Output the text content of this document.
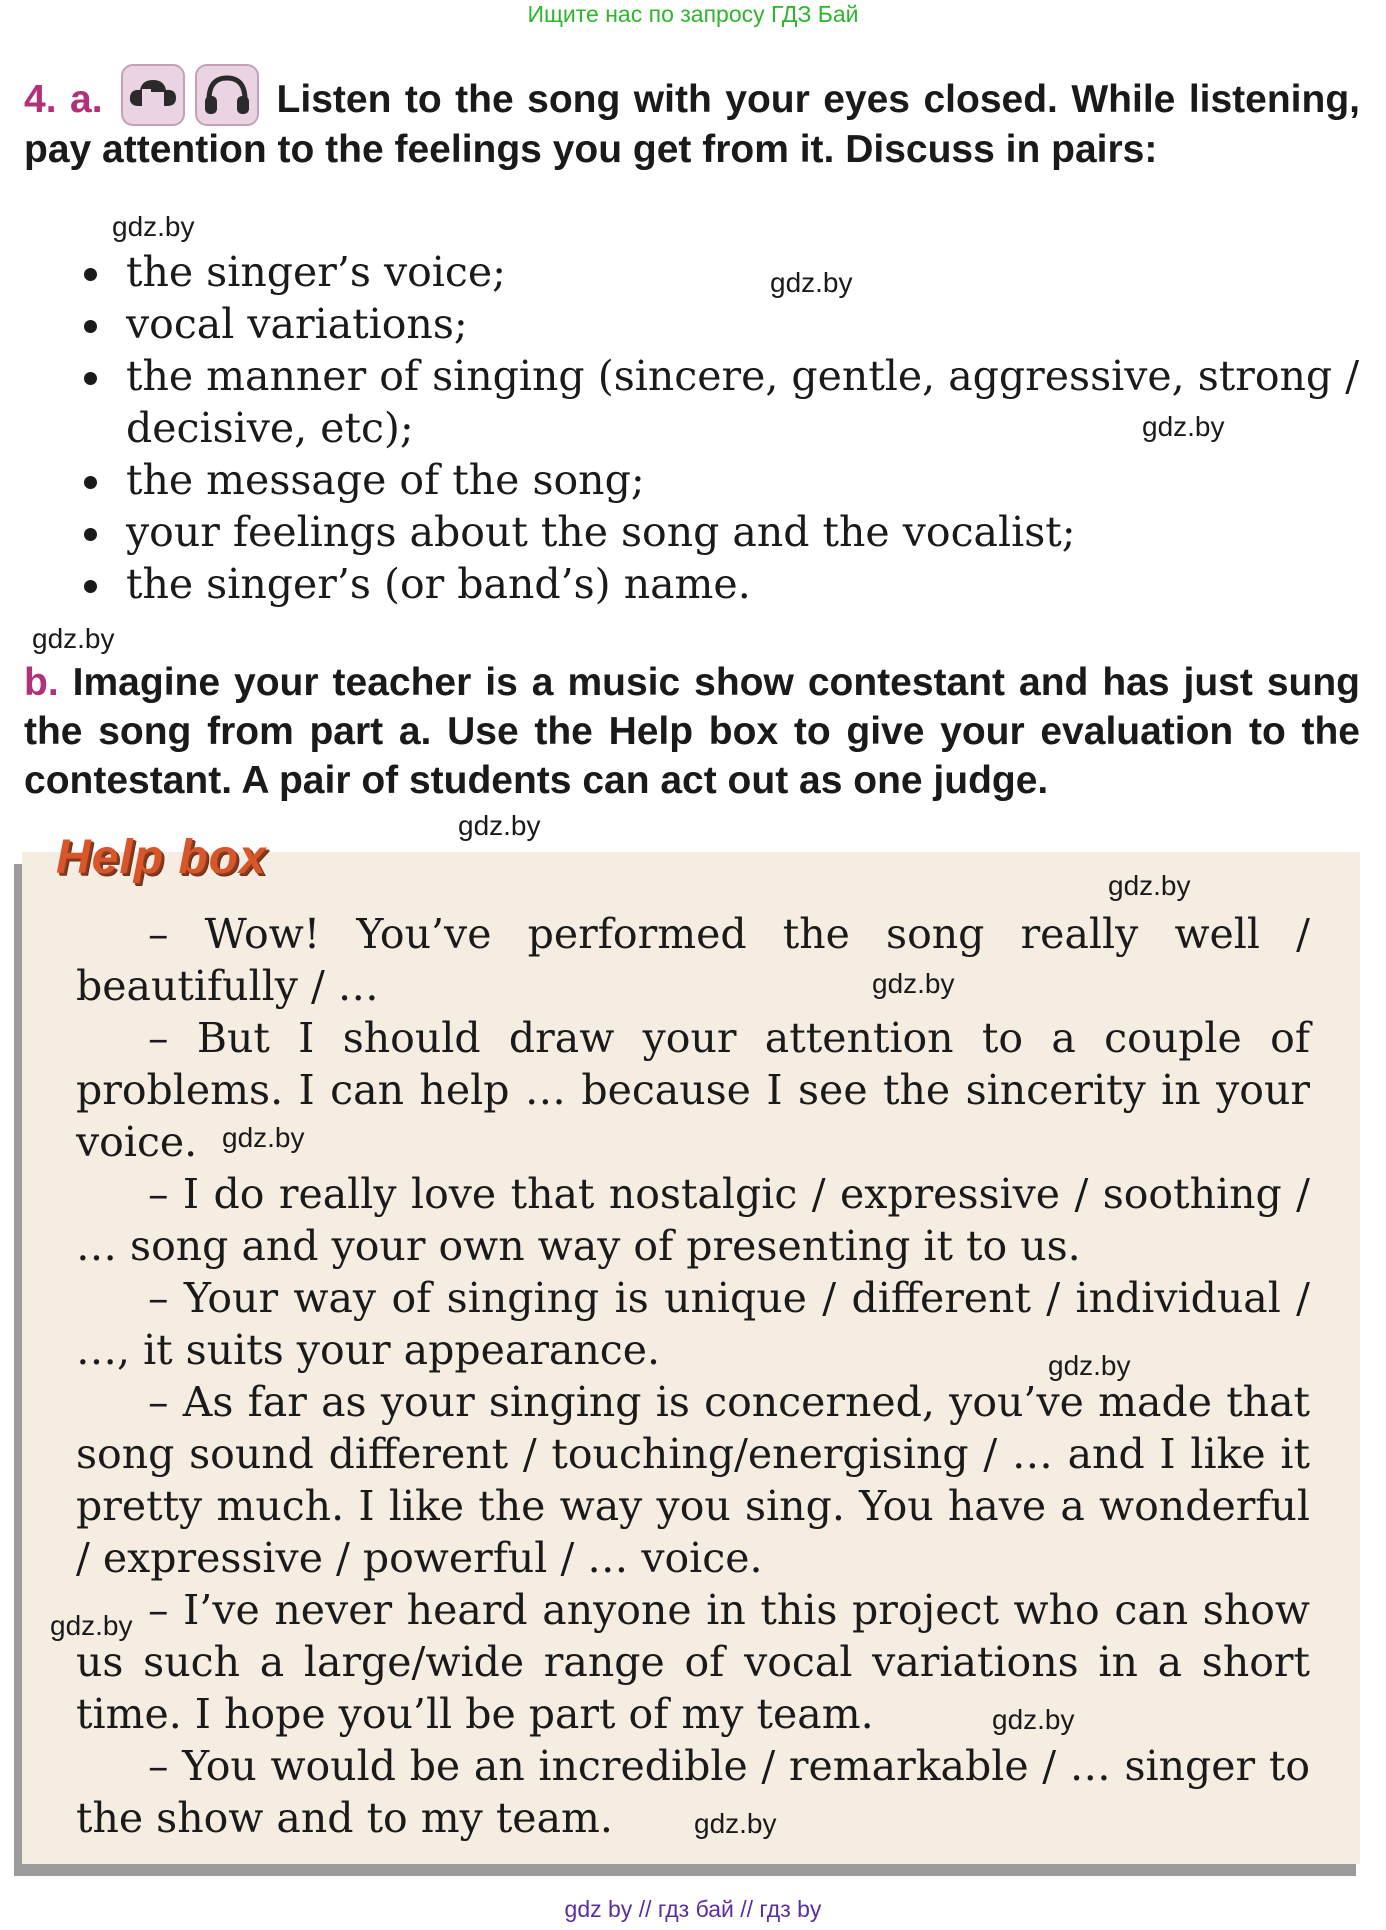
Ищите нас по запросу ГДЗ Бай
4. a.	Listen to the song with your eyes closed. While listening, pay attention to the feelings you get from it. Discuss in pairs:
the singer’s voice;
vocal variations;
the manner of singing (sincere, gentle, aggressive, strong / decisive, etc);
the message of the song;
your feelings about the song and the vocalist;
the singer’s (or band’s) name.
b. Imagine your teacher is a music show contestant and has just sung the song from part a. Use the Help box to give your evaluation to the contestant. A pair of students can act out as one judge.
Help box

– Wow! You’ve performed the song really well / beautifully / …

– But I should draw your attention to a couple of problems. I can help … because I see the sincerity in your voice.

– I do really love that nostalgic / expressive / soothing / … song and your own way of presenting it to us.

– Your way of singing is unique / different / individual / …, it suits your appearance.

– As far as your singing is concerned, you’ve made that song sound different / touching/energising / … and I like it pretty much. I like the way you sing. You have a wonderful / expressive / powerful / … voice.

– I’ve never heard anyone in this project who can show us such a large/wide range of vocal variations in a short time. I hope you’ll be part of my team.

– You would be an incredible / remarkable / … singer to the show and to my team.

gdz.by
gdz.by
gdz.by
gdz.by
gdz.by
gdz.by
gdz.by
gdz.by
gdz.by
gdz.by
gdz.by
gdz.by
gdz by // гдз бай // гдз by
